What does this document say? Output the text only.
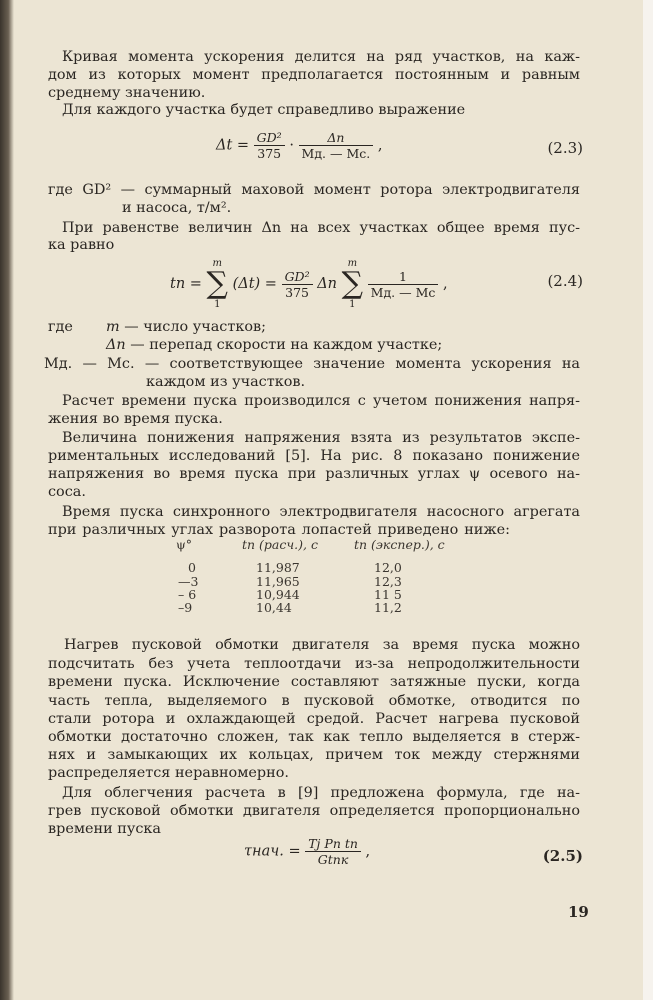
Кривая момента ускорения делится на ряд участков, на каж-
дом из которых момент предполагается постоянным и равным
среднему значению.
Для каждого участка будет справедливо выражение
$\Delta t = \frac{\text{GD²}}{375} \cdot \frac{\Delta n}{Mд. — Mс.}$ ,	(2.3)
где GD² — суммарный маховой момент ротора электродвигателя
и насоса, т/м².
При равенстве величин Δn на всех участках общее время пус-
ка равно
tп =
m
∑
1
$(\Delta t) = \frac{\text{GD²}}{375}$ Δn
m
∑
1

$\frac{1}{Mд. — Mс}$ ,	(2.4)
где m — число участков;
Δn — перепад скорости на каждом участке;
Mд. — Mс. — соответствующее значение момента ускорения на
каждом из участков.
Расчет времени пуска производился с учетом понижения напря-
жения во время пуска.
Величина понижения напряжения взята из результатов экспе-
риментальных исследований [5]. На рис. 8 показано понижение
напряжения во время пуска при различных углах ψ осевого на-
соса.
Время пуска синхронного электродвигателя насосного агрегата
при различных углах разворота лопастей приведено ниже:
ψ°	tп (расч.), с	tп (экспер.), с
0	11,987	12,0
—3	11,965	12,3
– 6	10,944	11 5
–9	10,44	11,2
Нагрев пусковой обмотки двигателя за время пуска можно
подсчитать без учета теплоотдачи из-за непродолжительности
времени пуска. Исключение составляют затяжные пуски, когда
часть тепла, выделяемого в пусковой обмотке, отводится по
стали ротора и охлаждающей средой. Расчет нагрева пусковой
обмотки достаточно сложен, так как тепло выделяется в стерж-
нях и замыкающих их кольцах, причем ток между стержнями
распределяется неравномерно.
Для облегчения расчета в [9] предложена формула, где на-
грев пусковой обмотки двигателя определяется пропорционально
времени пуска
τнач. = $\frac{\text{Tj Pп tп}}{\text{Gtпк}}$ ,	(2.5)
19
